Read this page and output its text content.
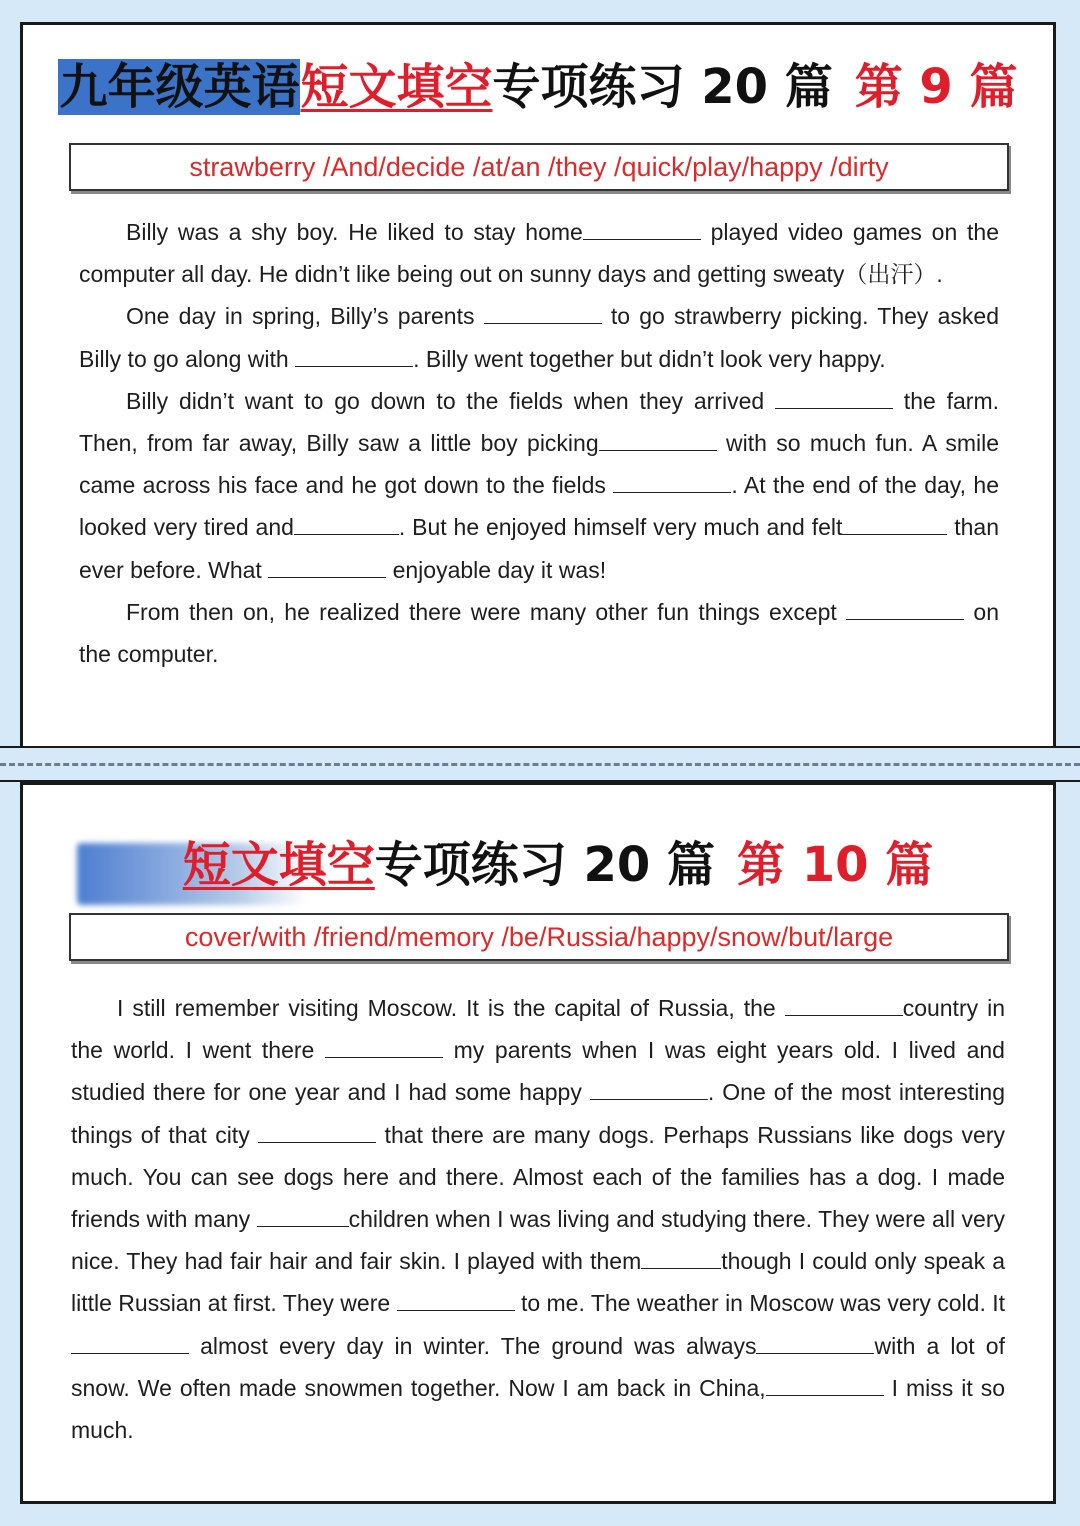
九年级英语短文填空专项练习 20 篇 第 9 篇
strawberry /And/decide /at/an /they /quick/play/happy /dirty

Billy was a shy boy. He liked to stay home	played video games on the computer all day. He didn’t like being out on sunny days and getting sweaty（出汗）.

One day in spring, Billy’s parents	to go strawberry picking. They asked Billy to go along with	. Billy went together but didn’t look very happy.

Billy didn’t want to go down to the fields when they arrived	the farm. Then, from far away, Billy saw a little boy picking	with so much fun. A smile came across his face and he got down to the fields	. At the end of the day, he looked very tired and	. But he enjoyed himself very much and felt	than ever before. What	enjoyable day it was!

From then on, he realized there were many other fun things except	on the computer.

短文填空专项练习 20 篇 第 10 篇
cover/with /friend/memory /be/Russia/happy/snow/but/large

I still remember visiting Moscow. It is the capital of Russia, the	country in the world. I went there	my parents when I was eight years old. I lived and studied there for one year and I had some happy	. One of the most interesting things of that city	that there are many dogs. Perhaps Russians like dogs very much. You can see dogs here and there. Almost each of the families has a dog. I made friends with many	children when I was living and studying there. They were all very nice. They had fair hair and fair skin. I played with them	though I could only speak a little Russian at first. They were	to me. The weather in Moscow was very cold. It  almost every day in winter. The ground was always	with a lot of snow. We often made snowmen together. Now I am back in China,	I miss it so much.
